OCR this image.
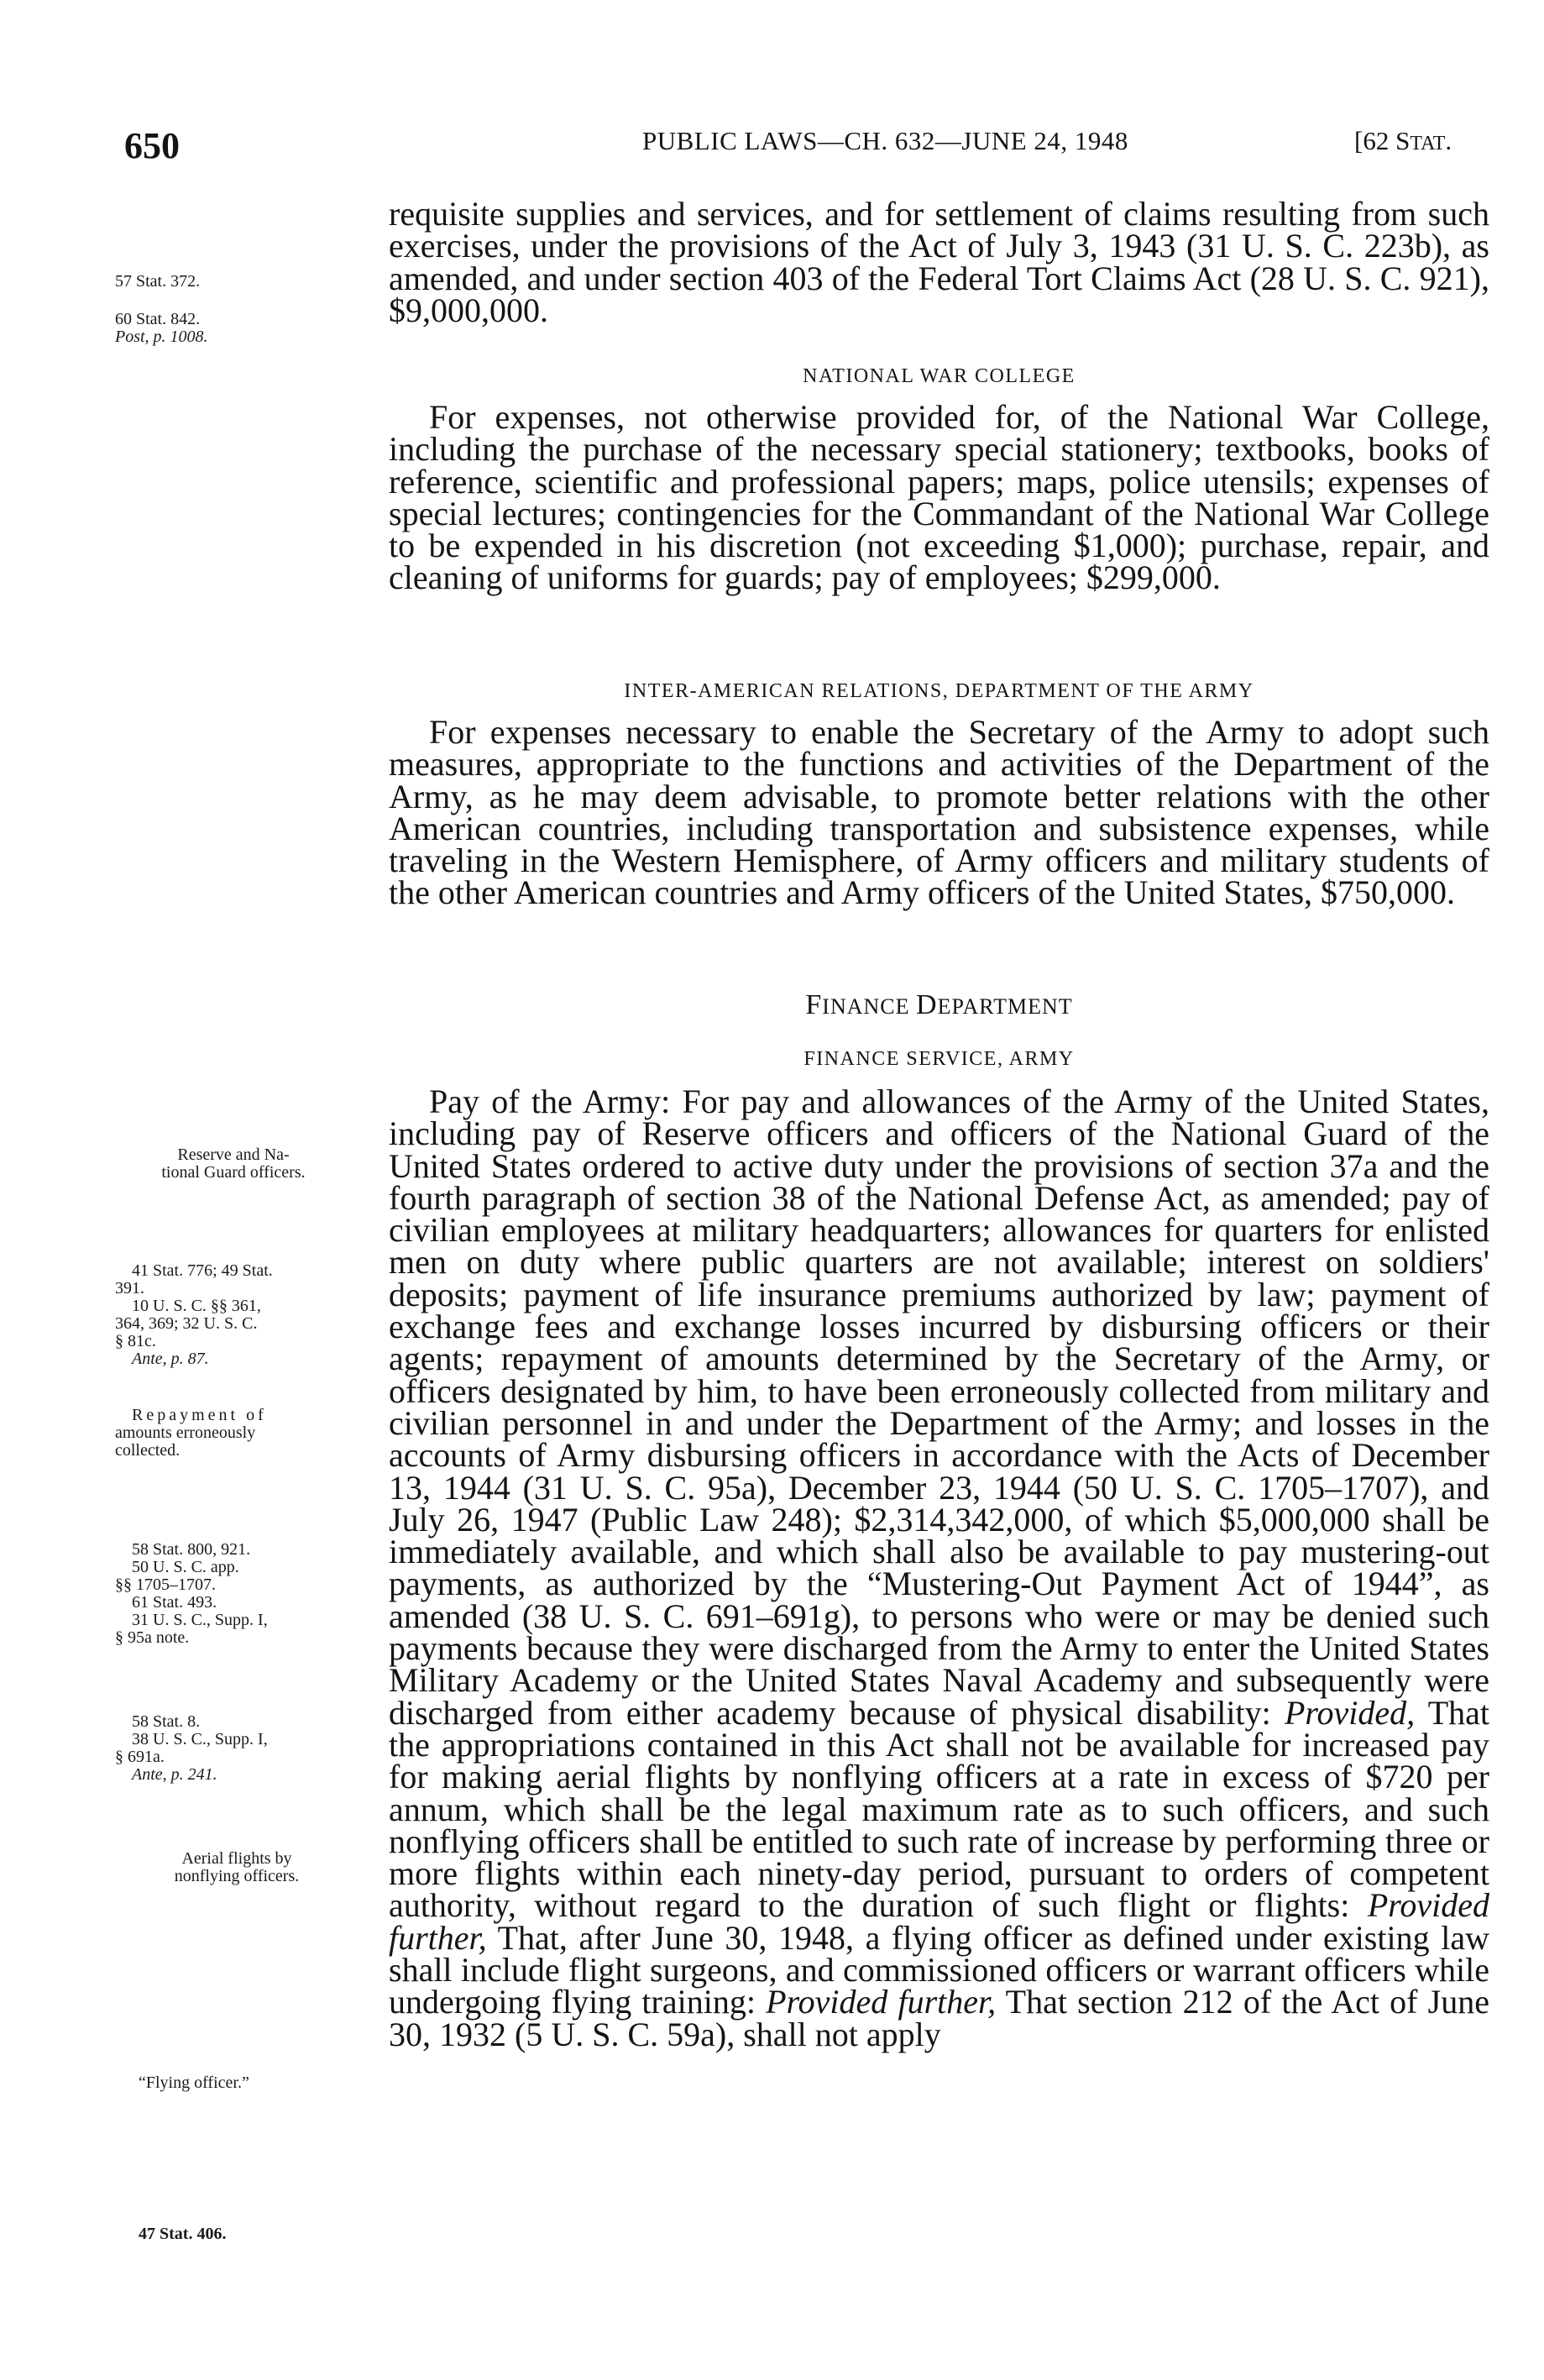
650	PUBLIC LAWS—CH. 632—JUNE 24, 1948	[62 STAT.

requisite supplies and services, and for settlement of claims resulting from such exercises, under the provisions of the Act of July 3, 1943 (31 U. S. C. 223b), as amended, and under section 403 of the Federal Tort Claims Act (28 U. S. C. 921), $9,000,000.

NATIONAL WAR COLLEGE

For expenses, not otherwise provided for, of the National War College, including the purchase of the necessary special stationery; textbooks, books of reference, scientific and professional papers; maps, police utensils; expenses of special lectures; contingencies for the Commandant of the National War College to be expended in his discretion (not exceeding $1,000); purchase, repair, and cleaning of uniforms for guards; pay of employees; $299,000.

INTER-AMERICAN RELATIONS, DEPARTMENT OF THE ARMY

For expenses necessary to enable the Secretary of the Army to adopt such measures, appropriate to the functions and activities of the Department of the Army, as he may deem advisable, to promote better relations with the other American countries, including transportation and subsistence expenses, while traveling in the Western Hemisphere, of Army officers and military students of the other American countries and Army officers of the United States, $750,000.

FINANCE DEPARTMENT
FINANCE SERVICE, ARMY

Pay of the Army: For pay and allowances of the Army of the United States, including pay of Reserve officers and officers of the National Guard of the United States ordered to active duty under the provisions of section 37a and the fourth paragraph of section 38 of the National Defense Act, as amended; pay of civilian employees at military headquarters; allowances for quarters for enlisted men on duty where public quarters are not available; interest on soldiers' deposits; payment of life insurance premiums authorized by law; payment of exchange fees and exchange losses incurred by disbursing officers or their agents; repayment of amounts determined by the Secretary of the Army, or officers designated by him, to have been erroneously collected from military and civilian personnel in and under the Department of the Army; and losses in the accounts of Army disbursing officers in accordance with the Acts of December 13, 1944 (31 U. S. C. 95a), December 23, 1944 (50 U. S. C. 1705–1707), and July 26, 1947 (Public Law 248); $2,314,342,000, of which $5,000,000 shall be immediately available, and which shall also be available to pay mustering-out payments, as authorized by the “Mustering-Out Payment Act of 1944”, as amended (38 U. S. C. 691–691g), to persons who were or may be denied such payments because they were discharged from the Army to enter the United States Military Academy or the United States Naval Academy and subsequently were discharged from either academy because of physical disability: Provided, That the appropriations contained in this Act shall not be available for increased pay for making aerial flights by nonflying officers at a rate in excess of $720 per annum, which shall be the legal maximum rate as to such officers, and such nonflying officers shall be entitled to such rate of increase by performing three or more flights within each ninety-day period, pursuant to orders of competent authority, without regard to the duration of such flight or flights: Provided further, That, after June 30, 1948, a flying officer as defined under existing law shall include flight surgeons, and commissioned officers or warrant officers while undergoing flying training: Provided further, That section 212 of the Act of June 30, 1932 (5 U. S. C. 59a), shall not apply

57 Stat. 372.
60 Stat. 842.
Post, p. 1008.
Reserve and Na-
tional Guard officers.
41 Stat. 776; 49 Stat.
391.
10 U. S. C. §§ 361,
364, 369; 32 U. S. C.
§ 81c.
Ante, p. 87.
Repayment of
amounts erroneously
collected.
58 Stat. 800, 921.
50 U. S. C. app.
§§ 1705–1707.
61 Stat. 493.
31 U. S. C., Supp. I,
§ 95a note.
58 Stat. 8.
38 U. S. C., Supp. I,
§ 691a.
Ante, p. 241.
Aerial flights by
nonflying officers.
“Flying officer.”
47 Stat. 406.
